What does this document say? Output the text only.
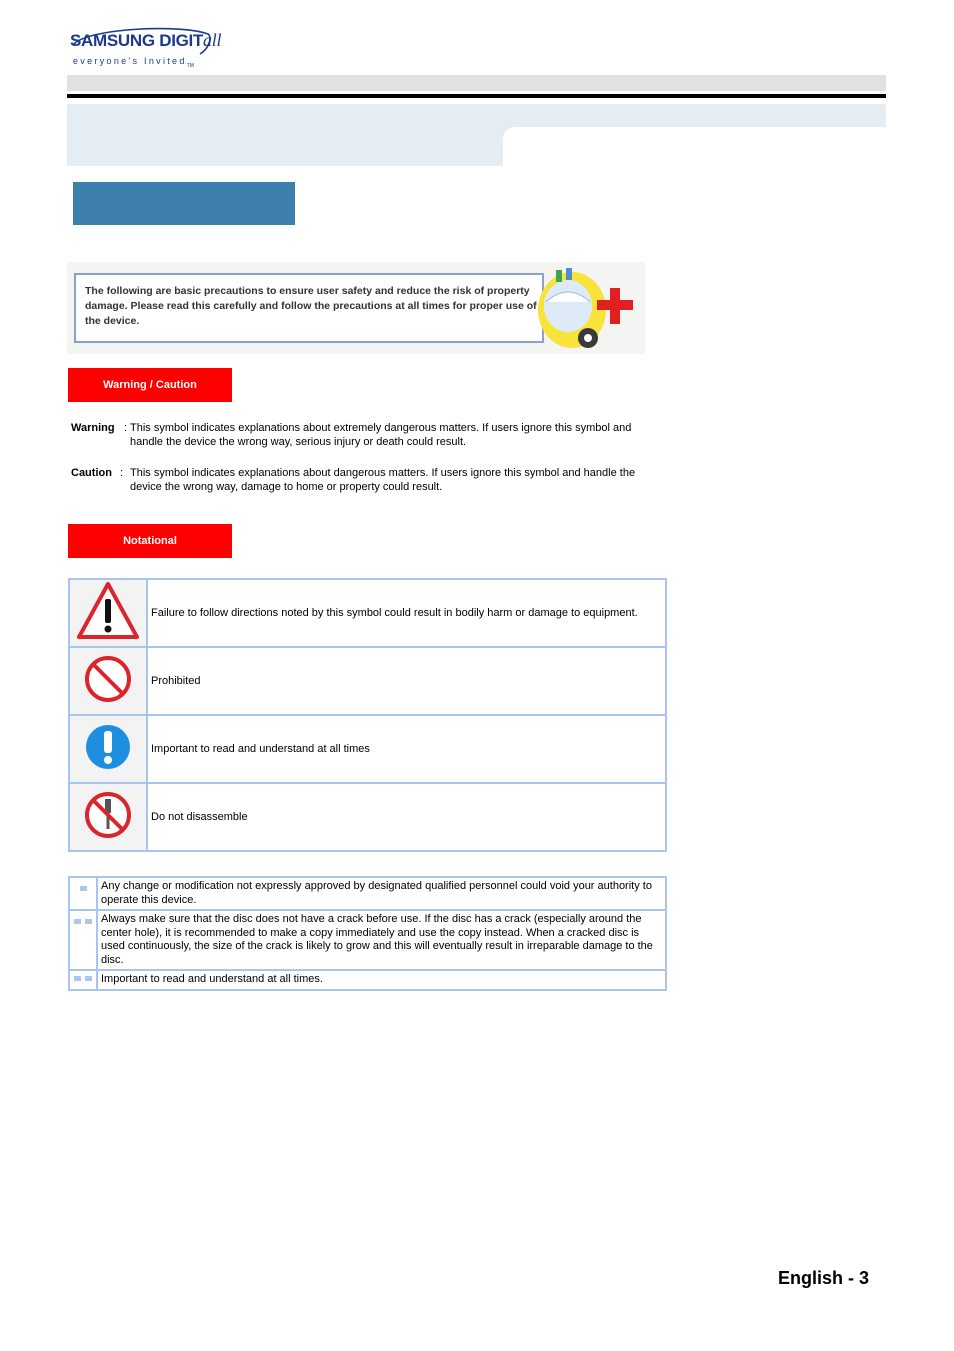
SAMSUNG DIGITall
everyone's Invited$_{TM}$

The following are basic precautions to ensure user safety and reduce the risk of property damage. Please read this carefully and follow the precautions at all times for proper use of the device.

Warning / Caution
Warning : This symbol indicates explanations about extremely dangerous matters. If users ignore this symbol and handle the device the wrong way, serious injury or death could result.
Caution : This symbol indicates explanations about dangerous matters. If users ignore this symbol and handle the device the wrong way, damage to home or property could result.
Notational
	Failure to follow directions noted by this symbol could result in bodily harm or damage to equipment.
	Prohibited
	Important to read and understand at all times
	Do not disassemble
	Any change or modification not expressly approved by designated qualified personnel could void your authority to operate this device.

	Always make sure that the disc does not have a crack before use. If the disc has a crack (especially around the center hole), it is recommended to make a copy immediately and use the copy instead. When a cracked disc is used continuously, the size of the crack is likely to grow and this will eventually result in irreparable damage to the disc.

	Important to read and understand at all times.
English - 3
